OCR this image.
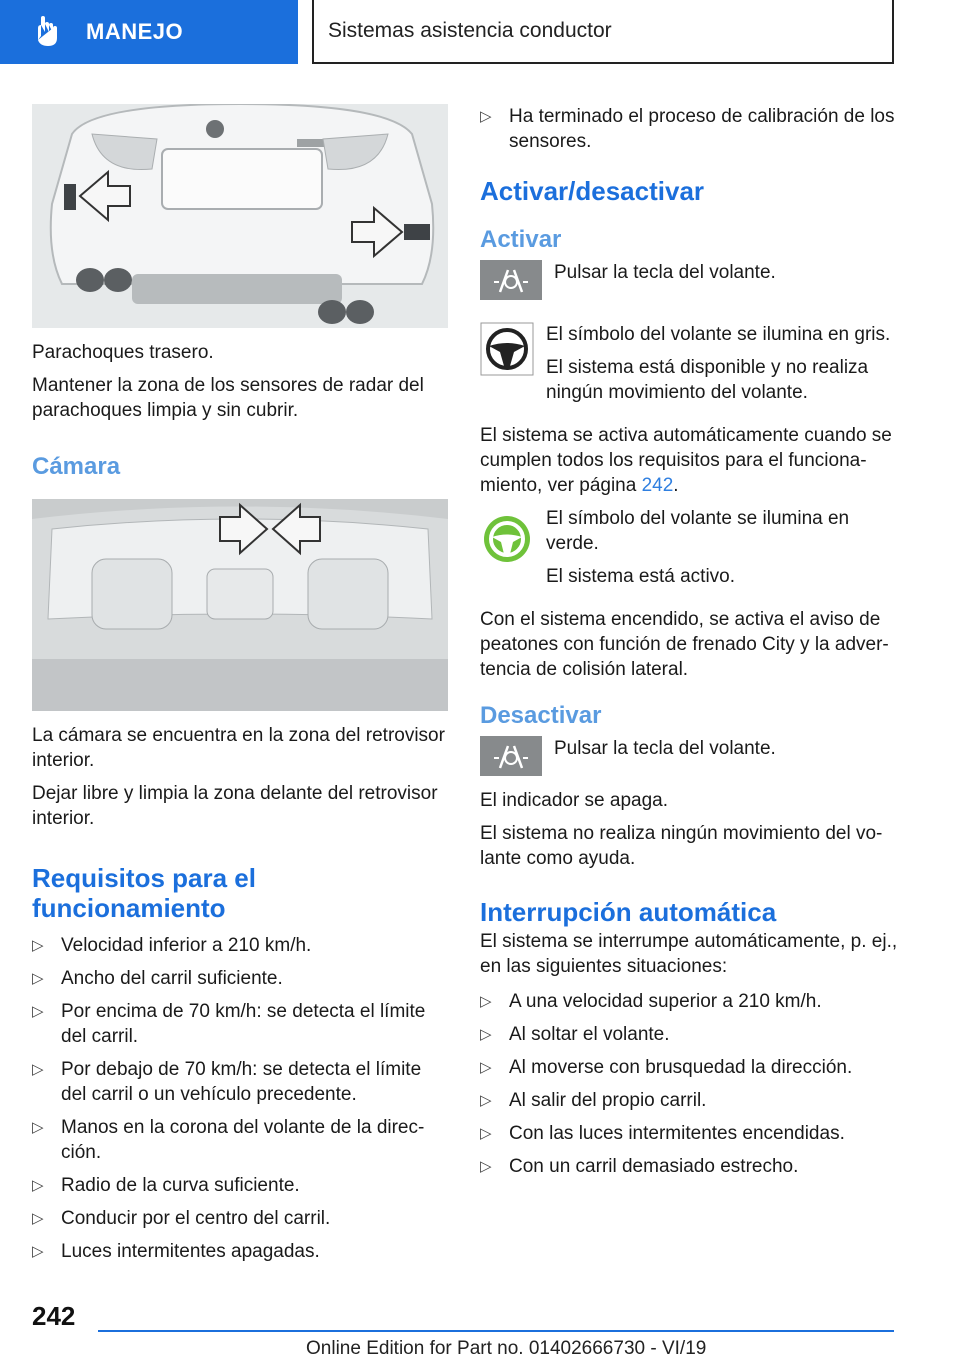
MANEJO	Sistemas asistencia conductor

Parachoques trasero.

Mantener la zona de los sensores de radar del parachoques limpia y sin cubrir.

Cámara

La cámara se encuentra en la zona del retrovisor interior.

Dejar libre y limpia la zona delante del retrovisor interior.

Requisitos para el
funcionamiento
▷ Velocidad inferior a 210 km/h.
▷ Ancho del carril suficiente.
▷ Por encima de 70 km/h: se detecta el límite del carril.
▷ Por debajo de 70 km/h: se detecta el límite del carril o un vehículo precedente.
▷ Manos en la corona del volante de la direc‐ ción.
▷ Radio de la curva suficiente.
▷ Conducir por el centro del carril.
▷ Luces intermitentes apagadas.
▷ Ha terminado el proceso de calibración de los sensores.
Activar/desactivar
Activar
Pulsar la tecla del volante.

El símbolo del volante se ilumina en gris.

El sistema está disponible y no realiza ningún movimiento del volante.

El sistema se activa automáticamente cuando se cumplen todos los requisitos para el funciona‐ miento, ver página 242.

El símbolo del volante se ilumina en verde.

El sistema está activo.

Con el sistema encendido, se activa el aviso de peatones con función de frenado City y la adver‐ tencia de colisión lateral.

Desactivar
Pulsar la tecla del volante.

El indicador se apaga.

El sistema no realiza ningún movimiento del vo‐ lante como ayuda.

Interrupción automática

El sistema se interrumpe automáticamente, p. ej., en las siguientes situaciones:

▷ A una velocidad superior a 210 km/h.
▷ Al soltar el volante.
▷ Al moverse con brusquedad la dirección.
▷ Al salir del propio carril.
▷ Con las luces intermitentes encendidas.
▷ Con un carril demasiado estrecho.
242
Online Edition for Part no. 01402666730 - VI/19
